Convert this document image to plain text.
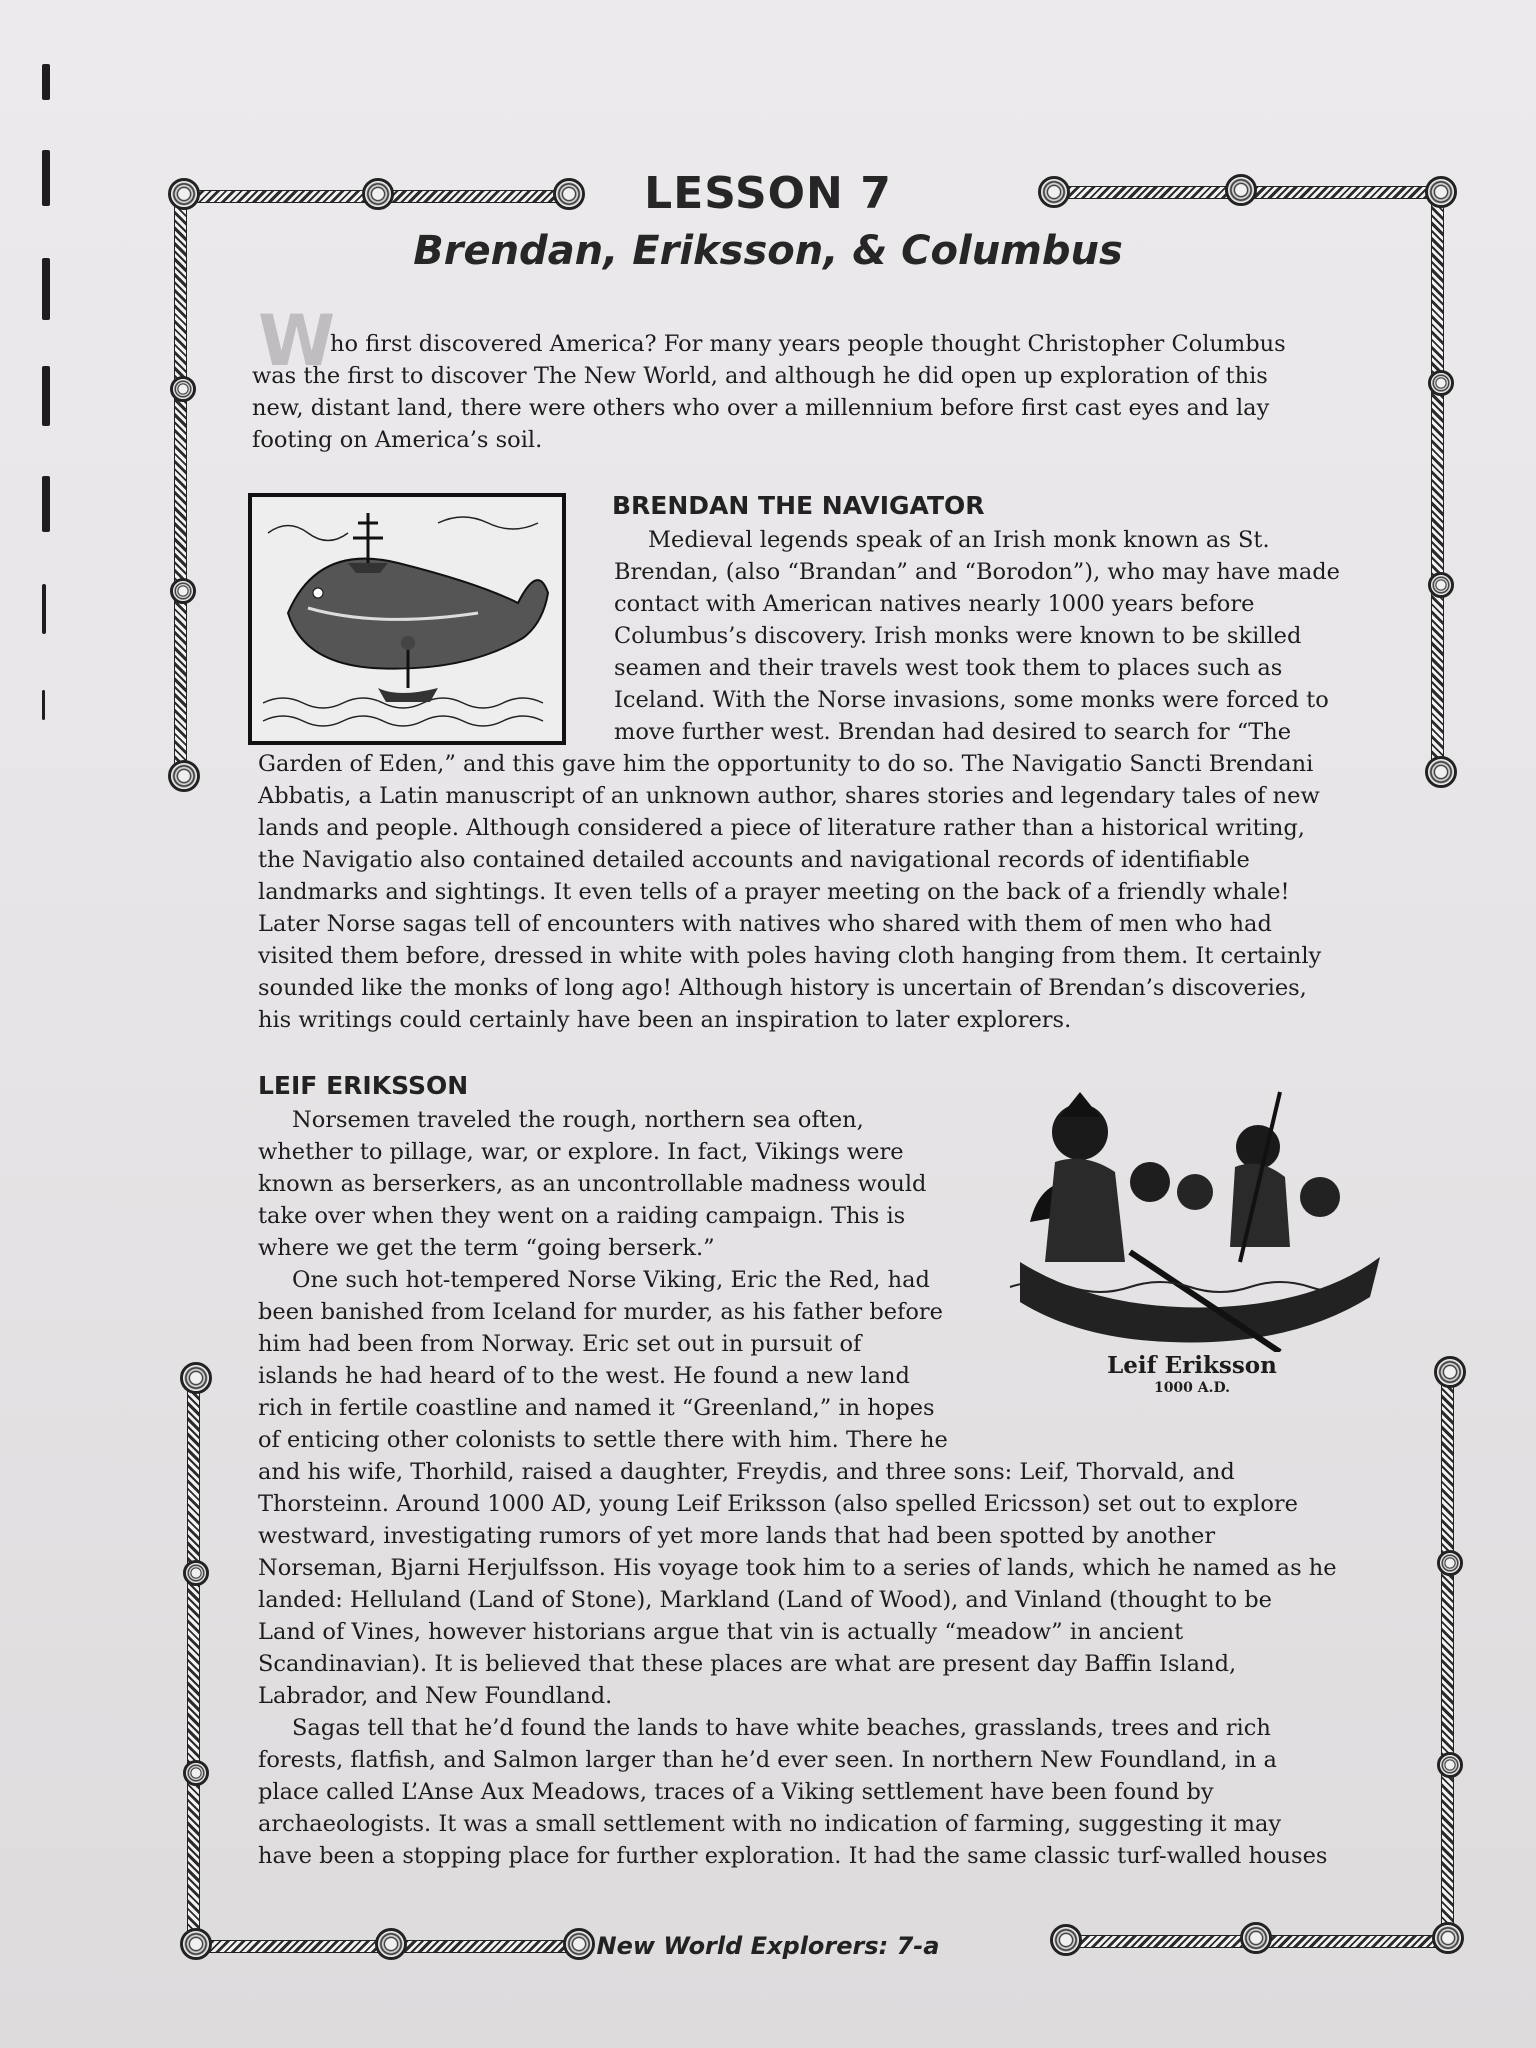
LESSON 7
Brendan, Eriksson, & Columbus
W
ho first discovered America? For many years people thought Christopher Columbus
was the first to discover The New World, and although he did open up exploration of this
new, distant land, there were others who over a millennium before first cast eyes and lay
footing on America’s soil.
BRENDAN THE NAVIGATOR
Medieval legends speak of an Irish monk known as St.
Brendan, (also “Brandan” and “Borodon”), who may have made
contact with American natives nearly 1000 years before
Columbus’s discovery. Irish monks were known to be skilled
seamen and their travels west took them to places such as
Iceland. With the Norse invasions, some monks were forced to
move further west. Brendan had desired to search for “The
Garden of Eden,” and this gave him the opportunity to do so. The Navigatio Sancti Brendani
Abbatis, a Latin manuscript of an unknown author, shares stories and legendary tales of new
lands and people. Although considered a piece of literature rather than a historical writing,
the Navigatio also contained detailed accounts and navigational records of identifiable
landmarks and sightings. It even tells of a prayer meeting on the back of a friendly whale!
Later Norse sagas tell of encounters with natives who shared with them of men who had
visited them before, dressed in white with poles having cloth hanging from them. It certainly
sounded like the monks of long ago! Although history is uncertain of Brendan’s discoveries,
his writings could certainly have been an inspiration to later explorers.
LEIF ERIKSSON
Leif Eriksson
1000 A.D.
Norsemen traveled the rough, northern sea often,
whether to pillage, war, or explore. In fact, Vikings were
known as berserkers, as an uncontrollable madness would
take over when they went on a raiding campaign. This is
where we get the term “going berserk.”
One such hot-tempered Norse Viking, Eric the Red, had
been banished from Iceland for murder, as his father before
him had been from Norway. Eric set out in pursuit of
islands he had heard of to the west. He found a new land
rich in fertile coastline and named it “Greenland,” in hopes
of enticing other colonists to settle there with him. There he
and his wife, Thorhild, raised a daughter, Freydis, and three sons: Leif, Thorvald, and
Thorsteinn. Around 1000 AD, young Leif Eriksson (also spelled Ericsson) set out to explore
westward, investigating rumors of yet more lands that had been spotted by another
Norseman, Bjarni Herjulfsson. His voyage took him to a series of lands, which he named as he
landed: Helluland (Land of Stone), Markland (Land of Wood), and Vinland (thought to be
Land of Vines, however historians argue that vin is actually “meadow” in ancient
Scandinavian). It is believed that these places are what are present day Baffin Island,
Labrador, and New Foundland.
Sagas tell that he’d found the lands to have white beaches, grasslands, trees and rich
forests, flatfish, and Salmon larger than he’d ever seen. In northern New Foundland, in a
place called L’Anse Aux Meadows, traces of a Viking settlement have been found by
archaeologists. It was a small settlement with no indication of farming, suggesting it may
have been a stopping place for further exploration. It had the same classic turf-walled houses
New World Explorers: 7-a
